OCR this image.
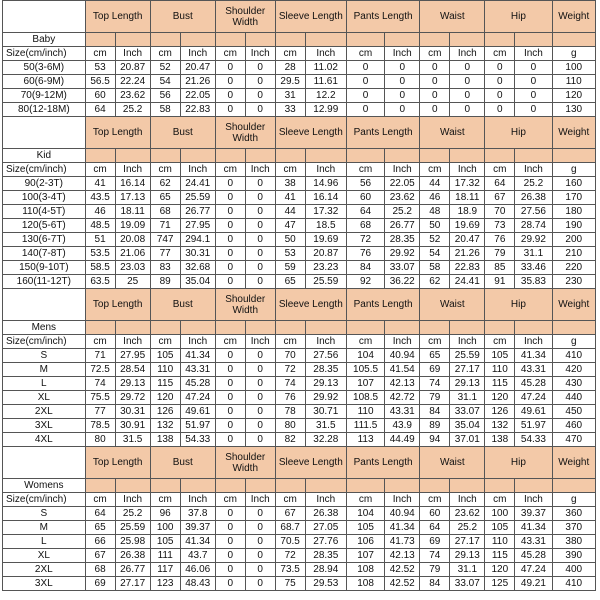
	Top Length		Bust		Shoulder Width		Sleeve Length		Pants Length		Waist		Hip		Weight
Baby															
Size(cm/inch)	cm	Inch	cm	Inch	cm	Inch	cm	Inch	cm	Inch	cm	Inch	cm	Inch	g
50(3-6M)	53	20.87	52	20.47	0	0	28	11.02	0	0	0	0	0	0	100
60(6-9M)	56.5	22.24	54	21.26	0	0	29.5	11.61	0	0	0	0	0	0	110
70(9-12M)	60	23.62	56	22.05	0	0	31	12.2	0	0	0	0	0	0	120
80(12-18M)	64	25.2	58	22.83	0	0	33	12.99	0	0	0	0	0	0	130
	Top Length		Bust		Shoulder Width		Sleeve Length		Pants Length		Waist		Hip		Weight
Kid															
Size(cm/inch)	cm	Inch	cm	Inch	cm	Inch	cm	Inch	cm	Inch	cm	Inch	cm	Inch	g
90(2-3T)	41	16.14	62	24.41	0	0	38	14.96	56	22.05	44	17.32	64	25.2	160
100(3-4T)	43.5	17.13	65	25.59	0	0	41	16.14	60	23.62	46	18.11	67	26.38	170
110(4-5T)	46	18.11	68	26.77	0	0	44	17.32	64	25.2	48	18.9	70	27.56	180
120(5-6T)	48.5	19.09	71	27.95	0	0	47	18.5	68	26.77	50	19.69	73	28.74	190
130(6-7T)	51	20.08	747	294.1	0	0	50	19.69	72	28.35	52	20.47	76	29.92	200
140(7-8T)	53.5	21.06	77	30.31	0	0	53	20.87	76	29.92	54	21.26	79	31.1	210
150(9-10T)	58.5	23.03	83	32.68	0	0	59	23.23	84	33.07	58	22.83	85	33.46	220
160(11-12T)	63.5	25	89	35.04	0	0	65	25.59	92	36.22	62	24.41	91	35.83	230
	Top Length		Bust		Shoulder Width		Sleeve Length		Pants Length		Waist		Hip		Weight
Mens															
Size(cm/inch)	cm	Inch	cm	Inch	cm	Inch	cm	Inch	cm	Inch	cm	Inch	cm	Inch	g
S	71	27.95	105	41.34	0	0	70	27.56	104	40.94	65	25.59	105	41.34	410
M	72.5	28.54	110	43.31	0	0	72	28.35	105.5	41.54	69	27.17	110	43.31	420
L	74	29.13	115	45.28	0	0	74	29.13	107	42.13	74	29.13	115	45.28	430
XL	75.5	29.72	120	47.24	0	0	76	29.92	108.5	42.72	79	31.1	120	47.24	440
2XL	77	30.31	126	49.61	0	0	78	30.71	110	43.31	84	33.07	126	49.61	450
3XL	78.5	30.91	132	51.97	0	0	80	31.5	111.5	43.9	89	35.04	132	51.97	460
4XL	80	31.5	138	54.33	0	0	82	32.28	113	44.49	94	37.01	138	54.33	470
	Top Length		Bust		Shoulder Width		Sleeve Length		Pants Length		Waist		Hip		Weight
Womens															
Size(cm/inch)	cm	Inch	cm	Inch	cm	Inch	cm	Inch	cm	Inch	cm	Inch	cm	Inch	g
S	64	25.2	96	37.8	0	0	67	26.38	104	40.94	60	23.62	100	39.37	360
M	65	25.59	100	39.37	0	0	68.7	27.05	105	41.34	64	25.2	105	41.34	370
L	66	25.98	105	41.34	0	0	70.5	27.76	106	41.73	69	27.17	110	43.31	380
XL	67	26.38	111	43.7	0	0	72	28.35	107	42.13	74	29.13	115	45.28	390
2XL	68	26.77	117	46.06	0	0	73.5	28.94	108	42.52	79	31.1	120	47.24	400
3XL	69	27.17	123	48.43	0	0	75	29.53	108	42.52	84	33.07	125	49.21	410
